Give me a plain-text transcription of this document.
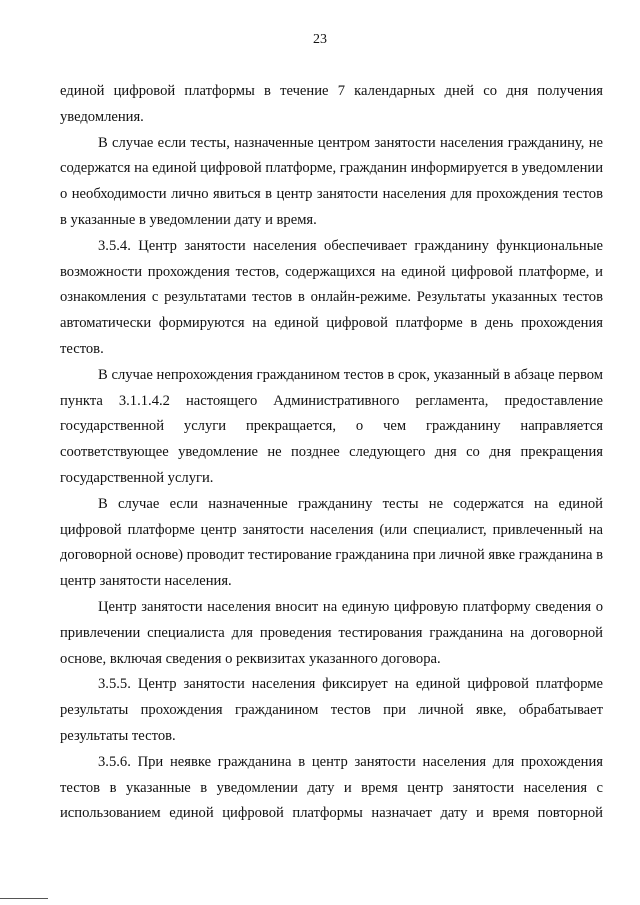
23

единой цифровой платформы в течение 7 календарных дней со дня получения уведомления.

В случае если тесты, назначенные центром занятости населения гражданину, не содержатся на единой цифровой платформе, гражданин информируется в уведомлении о необходимости лично явиться в центр занятости населения для прохождения тестов в указанные в уведомлении дату и время.

3.5.4. Центр занятости населения обеспечивает гражданину функциональные возможности прохождения тестов, содержащихся на единой цифровой платформе, и ознакомления с результатами тестов в онлайн-режиме. Результаты указанных тестов автоматически формируются на единой цифровой платформе в день прохождения тестов.

В случае непрохождения гражданином тестов в срок, указанный в абзаце первом пункта 3.1.1.4.2 настоящего Административного регламента, предоставление государственной услуги прекращается, о чем гражданину направляется соответствующее уведомление не позднее следующего дня со дня прекращения государственной услуги.

В случае если назначенные гражданину тесты не содержатся на единой цифровой платформе центр занятости населения (или специалист, привлеченный на договорной основе) проводит тестирование гражданина при личной явке гражданина в центр занятости населения.

Центр занятости населения вносит на единую цифровую платформу сведения о привлечении специалиста для проведения тестирования гражданина на договорной основе, включая сведения о реквизитах указанного договора.

3.5.5. Центр занятости населения фиксирует на единой цифровой платформе результаты прохождения гражданином тестов при личной явке, обрабатывает результаты тестов.

3.5.6. При неявке гражданина в центр занятости населения для прохождения тестов в указанные в уведомлении дату и время центр занятости населения с использованием единой цифровой платформы назначает дату и время повторной
